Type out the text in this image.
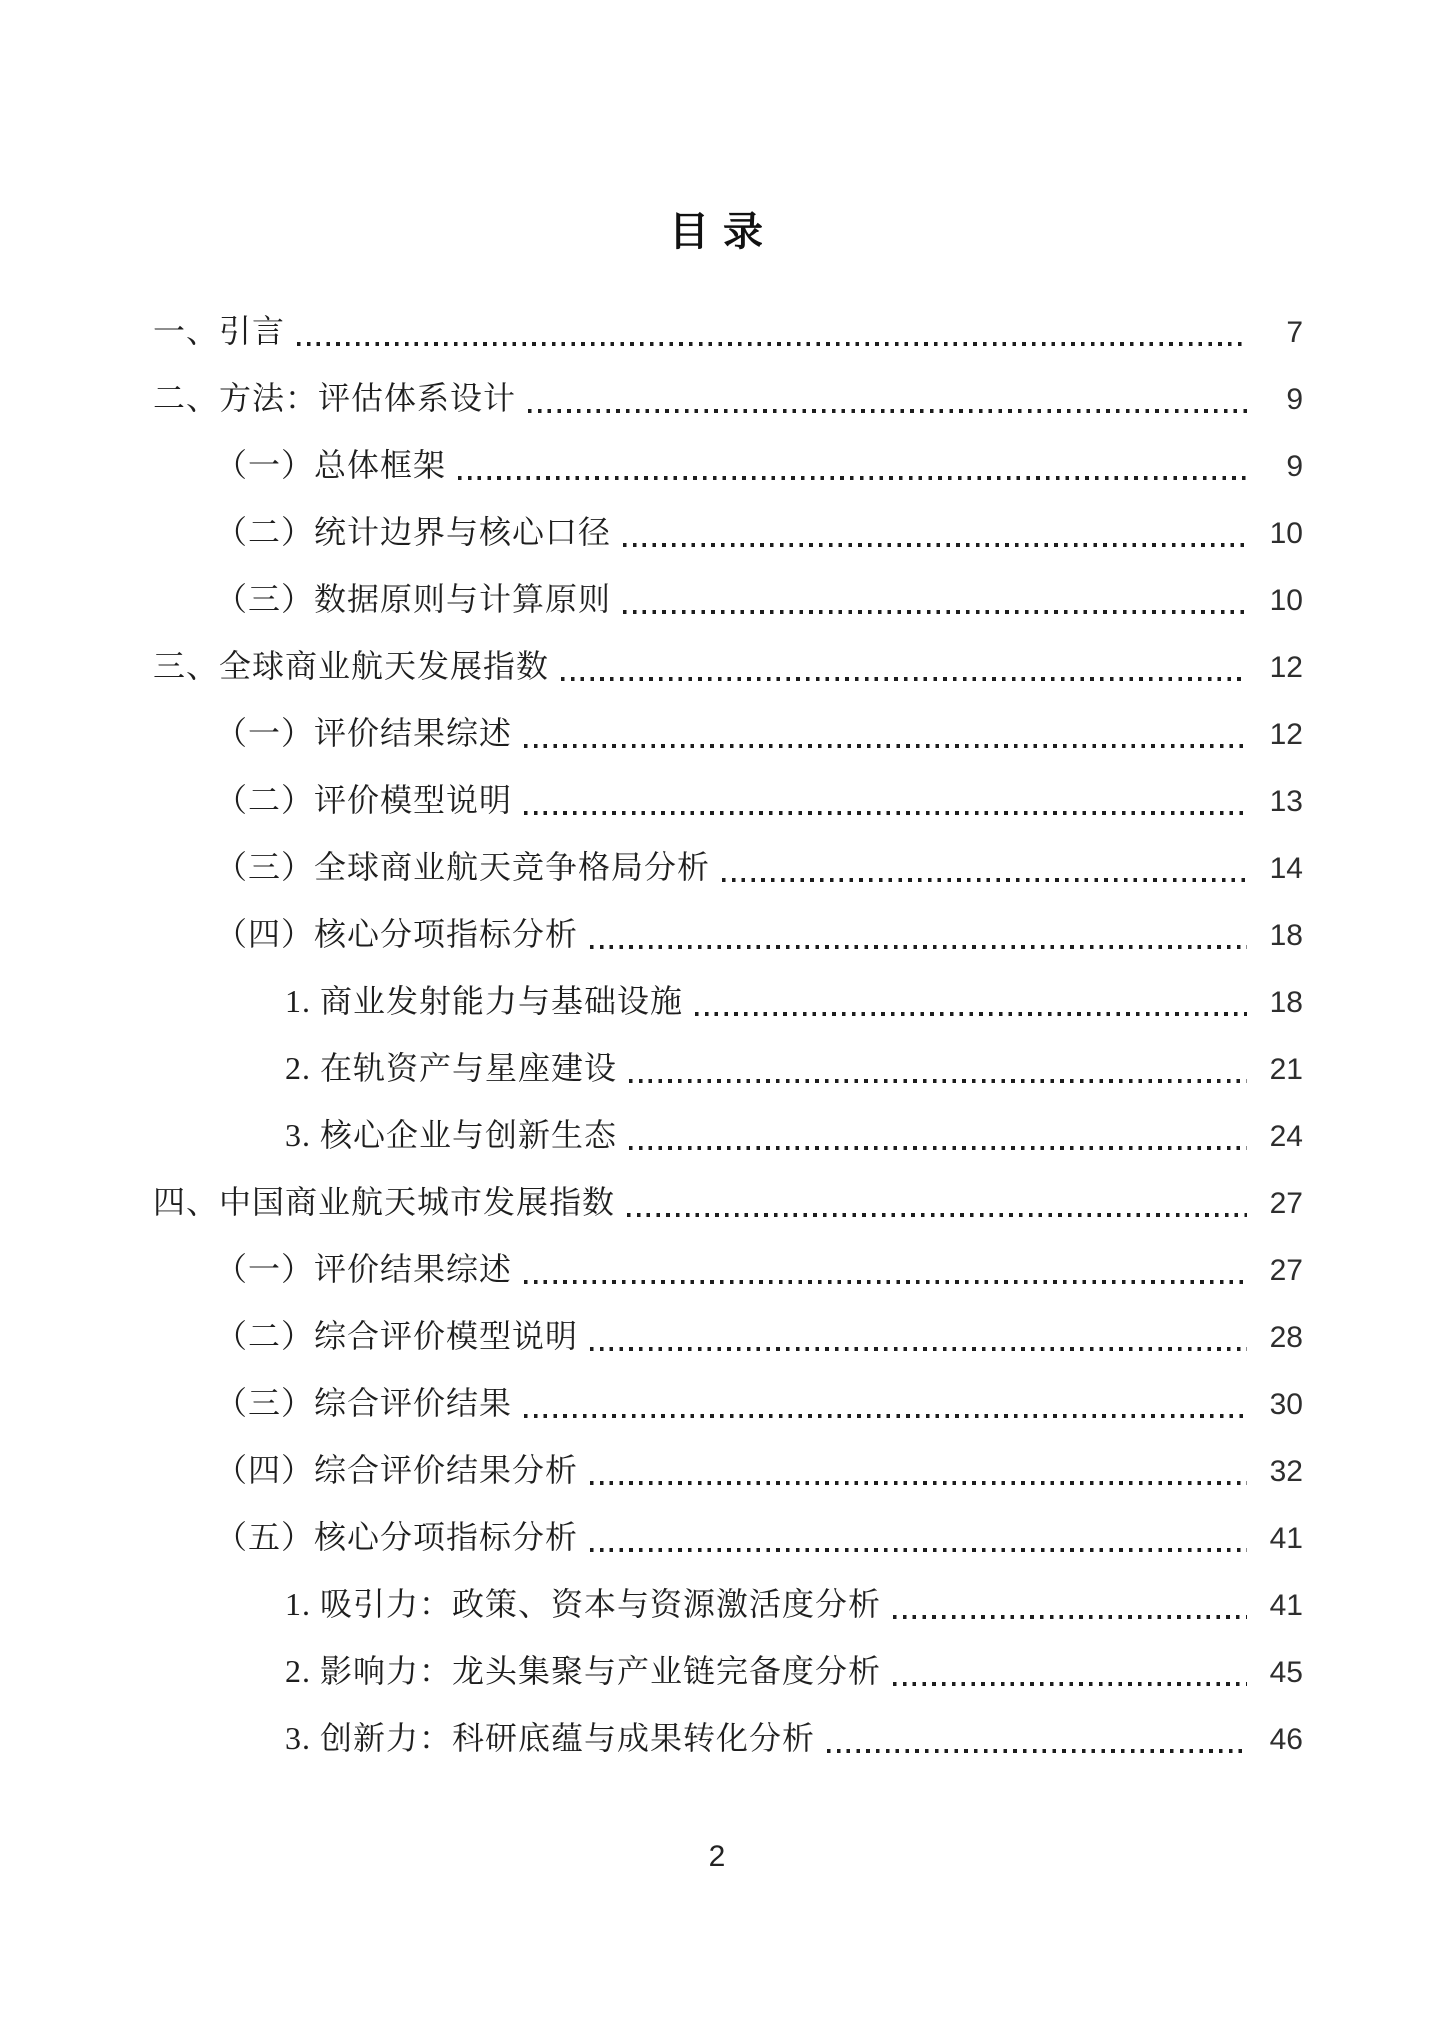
目 录
一、引言	7
二、方法：评估体系设计	9
（一）总体框架	9
（二）统计边界与核心口径	10
（三）数据原则与计算原则	10
三、全球商业航天发展指数	12
（一）评价结果综述	12
（二）评价模型说明	13
（三）全球商业航天竞争格局分析	14
（四）核心分项指标分析	18
1. 商业发射能力与基础设施	18
2. 在轨资产与星座建设	21
3. 核心企业与创新生态	24
四、中国商业航天城市发展指数	27
（一）评价结果综述	27
（二）综合评价模型说明	28
（三）综合评价结果	30
（四）综合评价结果分析	32
（五）核心分项指标分析	41
1. 吸引力：政策、资本与资源激活度分析	41
2. 影响力：龙头集聚与产业链完备度分析	45
3. 创新力：科研底蕴与成果转化分析	46
2
